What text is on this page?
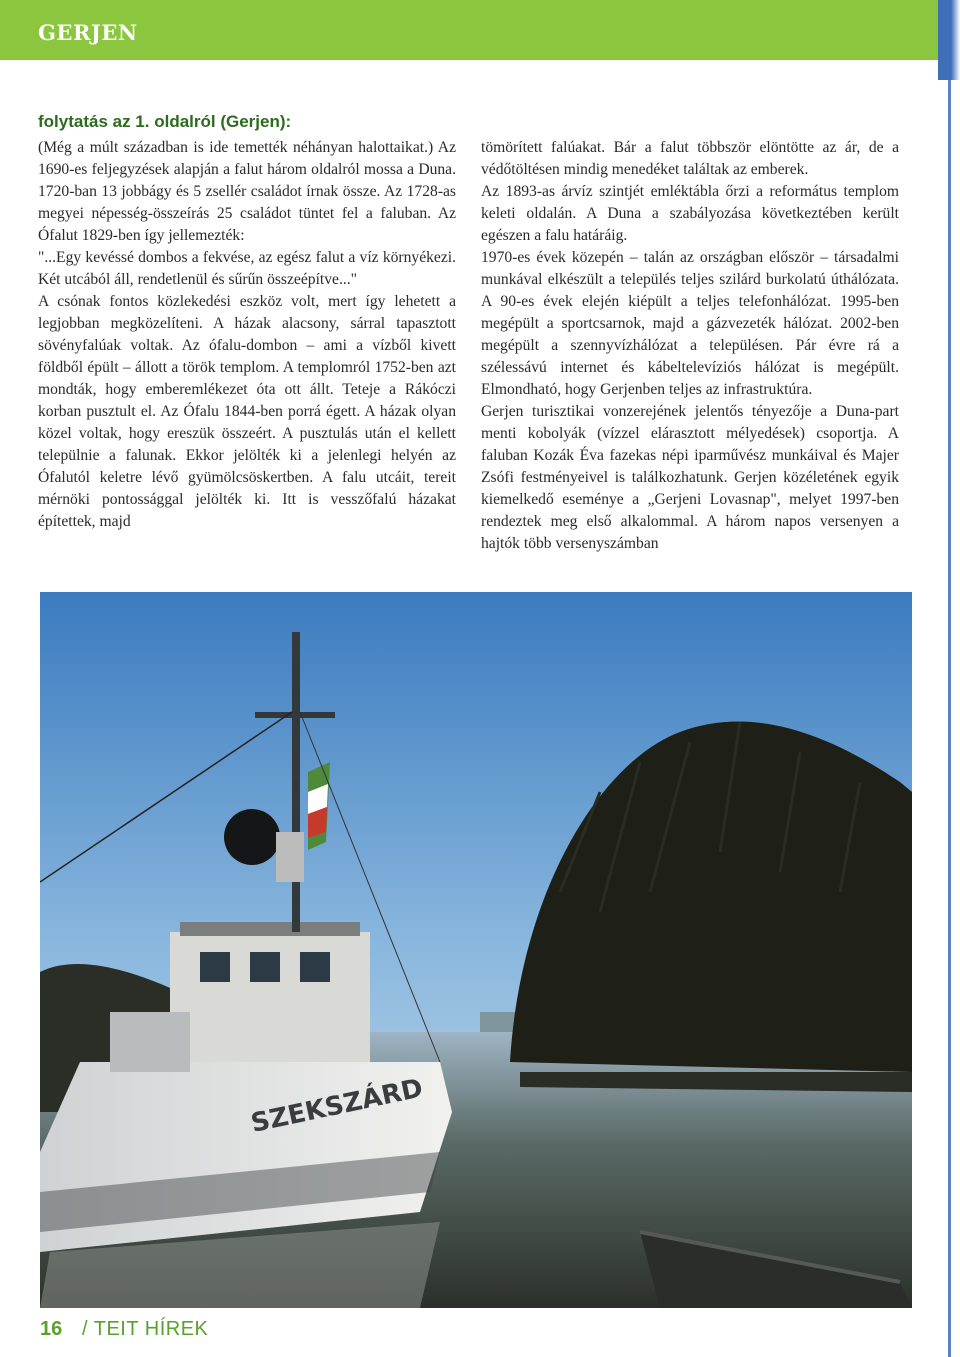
GERJEN
folytatás az 1. oldalról (Gerjen):

(Még a múlt században is ide temették néhányan halottaikat.) Az 1690-es feljegyzések alapján a falut három oldalról mossa a Duna. 1720-ban 13 jobbágy és 5 zsellér családot írnak össze. Az 1728-as megyei népesség-összeírás 25 családot tüntet fel a faluban. Az Ófalut 1829-ben így jellemezték:

"...Egy kevéssé dombos a fekvése, az egész falut a víz környékezi. Két utcából áll, rendetlenül és sűrűn összeépítve..."

A csónak fontos közlekedési eszköz volt, mert így lehetett a legjobban megközelíteni. A házak alacsony, sárral tapasztott sövényfalúak voltak. Az ófalu-dombon – ami a vízből kivett földből épült – állott a török templom. A templomról 1752-ben azt mondták, hogy emberemlékezet óta ott állt. Teteje a Rákóczi korban pusztult el. Az Ófalu 1844-ben porrá égett. A házak olyan közel voltak, hogy ereszük összeért. A pusztulás után el kellett települnie a falunak. Ekkor jelölték ki a jelenlegi helyén az Ófalutól keletre lévő gyümölcsöskertben. A falu utcáit, tereit mérnöki pontossággal jelölték ki. Itt is vesszőfalú házakat építettek, majd

tömörített falúakat. Bár a falut többször elöntötte az ár, de a védőtöltésen mindig menedéket találtak az emberek.

Az 1893-as árvíz szintjét emléktábla őrzi a református templom keleti oldalán. A Duna a szabályozása következtében került egészen a falu határáig.

1970-es évek közepén – talán az országban először – társadalmi munkával elkészült a település teljes szilárd burkolatú úthálózata. A 90-es évek elején kiépült a teljes telefonhálózat. 1995-ben megépült a sportcsarnok, majd a gázvezeték hálózat. 2002-ben megépült a szennyvízhálózat a településen. Pár évre rá a szélessávú internet és kábeltelevíziós hálózat is megépült. Elmondható, hogy Gerjenben teljes az infrastruktúra.

Gerjen turisztikai vonzerejének jelentős tényezője a Duna-part menti kobolyák (vízzel elárasztott mélyedések) csoportja. A faluban Kozák Éva fazekas népi iparművész munkáival és Majer Zsófi festményeivel is találkozhatunk. Gerjen közéletének egyik kiemelkedő eseménye a „Gerjeni Lovasnap", melyet 1997-ben rendeztek meg első alkalommal. A három napos versenyen a hajtók több versenyszámban

SZEKSZÁRD
16 / TEIT HÍREK
